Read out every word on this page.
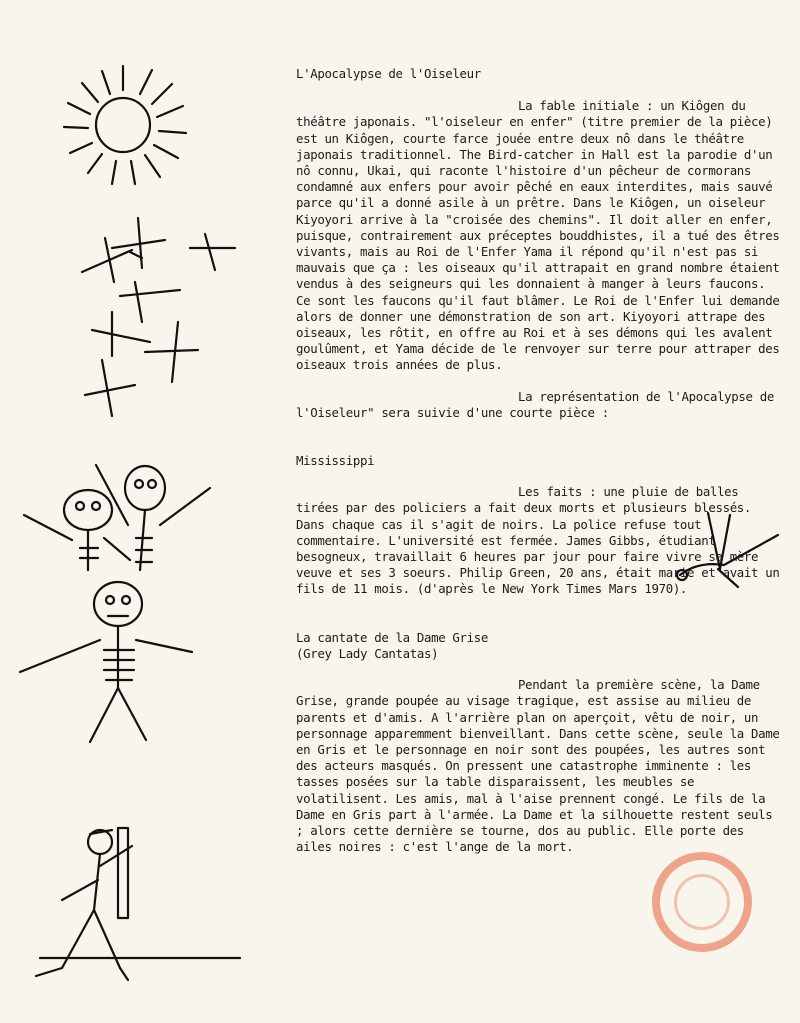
L'Apocalypse de l'Oiseleur

La fable initiale : un Kiôgen du théâtre japonais. "l'oiseleur en enfer" (titre premier de la pièce) est un Kiôgen, courte farce jouée entre deux nô dans le théâtre japonais traditionnel. The Bird-catcher in Hall est la parodie d'un nô connu, Ukai, qui raconte l'histoire d'un pêcheur de cormorans condamné aux enfers pour avoir pêché en eaux interdites, mais sauvé parce qu'il a donné asile à un prêtre. Dans le Kiôgen, un oiseleur Kiyoyori arrive à la "croisée des chemins". Il doit aller en enfer, puisque, contrairement aux préceptes bouddhistes, il a tué des êtres vivants, mais au Roi de l'Enfer Yama il répond qu'il n'est pas si mauvais que ça : les oiseaux qu'il attrapait en grand nombre étaient vendus à des seigneurs qui les donnaient à manger à leurs faucons. Ce sont les faucons qu'il faut blâmer. Le Roi de l'Enfer lui demande alors de donner une démonstration de son art. Kiyoyori attrape des oiseaux, les rôtit, en offre au Roi et à ses démons qui les avalent goulûment, et Yama décide de le renvoyer sur terre pour attraper des oiseaux trois années de plus.

La représentation de l'Apocalypse de l'Oiseleur" sera suivie d'une courte pièce :

Mississippi

Les faits : une pluie de balles tirées par des policiers a fait deux morts et plusieurs blessés. Dans chaque cas il s'agit de noirs. La police refuse tout commentaire. L'université est fermée. James Gibbs, étudiant besogneux, travaillait 6 heures par jour pour faire vivre sa mère veuve et ses 3 soeurs. Philip Green, 20 ans, était marié et avait un fils de 11 mois. (d'après le New York Times Mars 1970).

La cantate de la Dame Grise

(Grey Lady Cantatas)

Pendant la première scène, la Dame Grise, grande poupée au visage tragique, est assise au milieu de parents et d'amis. A l'arrière plan on aperçoit, vêtu de noir, un personnage apparemment bienveillant. Dans cette scène, seule la Dame en Gris et le personnage en noir sont des poupées, les autres sont des acteurs masqués. On pressent une catastrophe imminente : les tasses posées sur la table disparaissent, les meubles se volatilisent. Les amis, mal à l'aise prennent congé. Le fils de la Dame en Gris part à l'armée. La Dame et la silhouette restent seuls ; alors cette dernière se tourne, dos au public. Elle porte des ailes noires : c'est l'ange de la mort.
